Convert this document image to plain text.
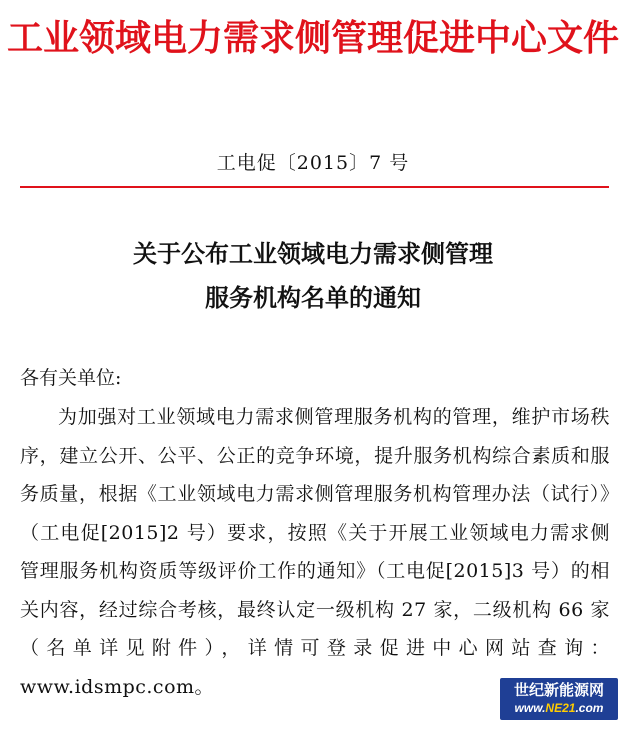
工业领域电力需求侧管理促进中心文件
工电促〔2015〕7 号
关于公布工业领域电力需求侧管理
服务机构名单的通知
各有关单位:
为加强对工业领域电力需求侧管理服务机构的管理，维护市场秩序，建立公开、公平、公正的竞争环境，提升服务机构综合素质和服务质量，根据《工业领域电力需求侧管理服务机构管理办法（试行）》（工电促[2015]2 号）要求，按照《关于开展工业领域电力需求侧管理服务机构资质等级评价工作的通知》（工电促[2015]3 号）的相关内容，经过综合考核，最终认定一级机构 27 家，二级机构 66 家（名单详见附件），详情可登录促进中心网站查询：www.idsmpc.com。	世纪新能源网
www.NE21.com
